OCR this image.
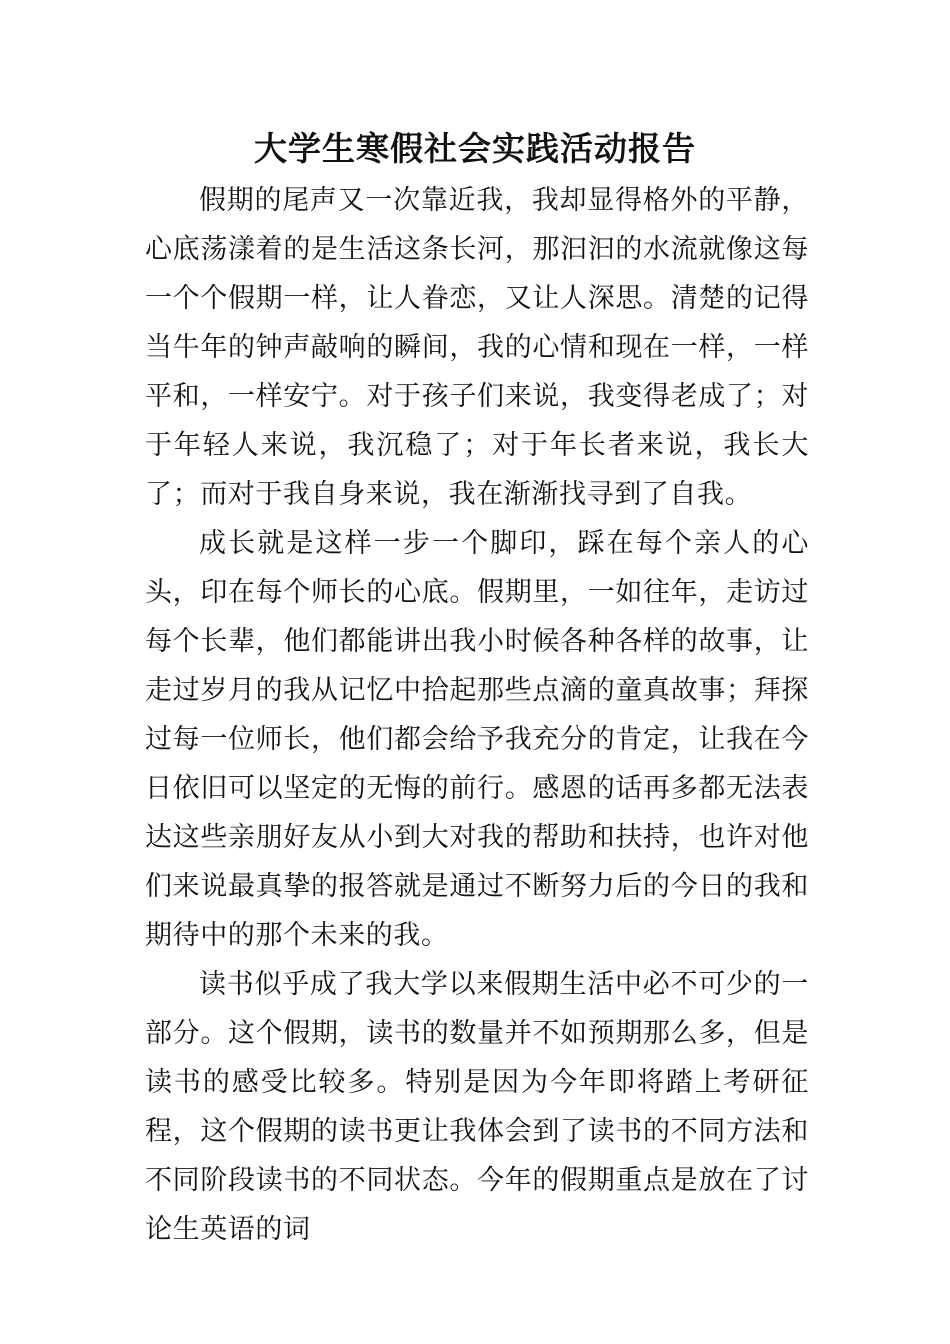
大学生寒假社会实践活动报告

假期的尾声又一次靠近我，我却显得格外的平静，心底荡漾着的是生活这条长河，那汩汩的水流就像这每一个个假期一样，让人眷恋，又让人深思。清楚的记得当牛年的钟声敲响的瞬间，我的心情和现在一样，一样平和，一样安宁。对于孩子们来说，我变得老成了；对于年轻人来说，我沉稳了；对于年长者来说，我长大了；而对于我自身来说，我在渐渐找寻到了自我。

成长就是这样一步一个脚印，踩在每个亲人的心头，印在每个师长的心底。假期里，一如往年，走访过每个长辈，他们都能讲出我小时候各种各样的故事，让走过岁月的我从记忆中拾起那些点滴的童真故事；拜探过每一位师长，他们都会给予我充分的肯定，让我在今日依旧可以坚定的无悔的前行。感恩的话再多都无法表达这些亲朋好友从小到大对我的帮助和扶持，也许对他们来说最真挚的报答就是通过不断努力后的今日的我和期待中的那个未来的我。

读书似乎成了我大学以来假期生活中必不可少的一部分。这个假期，读书的数量并不如预期那么多，但是读书的感受比较多。特别是因为今年即将踏上考研征程，这个假期的读书更让我体会到了读书的不同方法和不同阶段读书的不同状态。今年的假期重点是放在了讨论生英语的词
